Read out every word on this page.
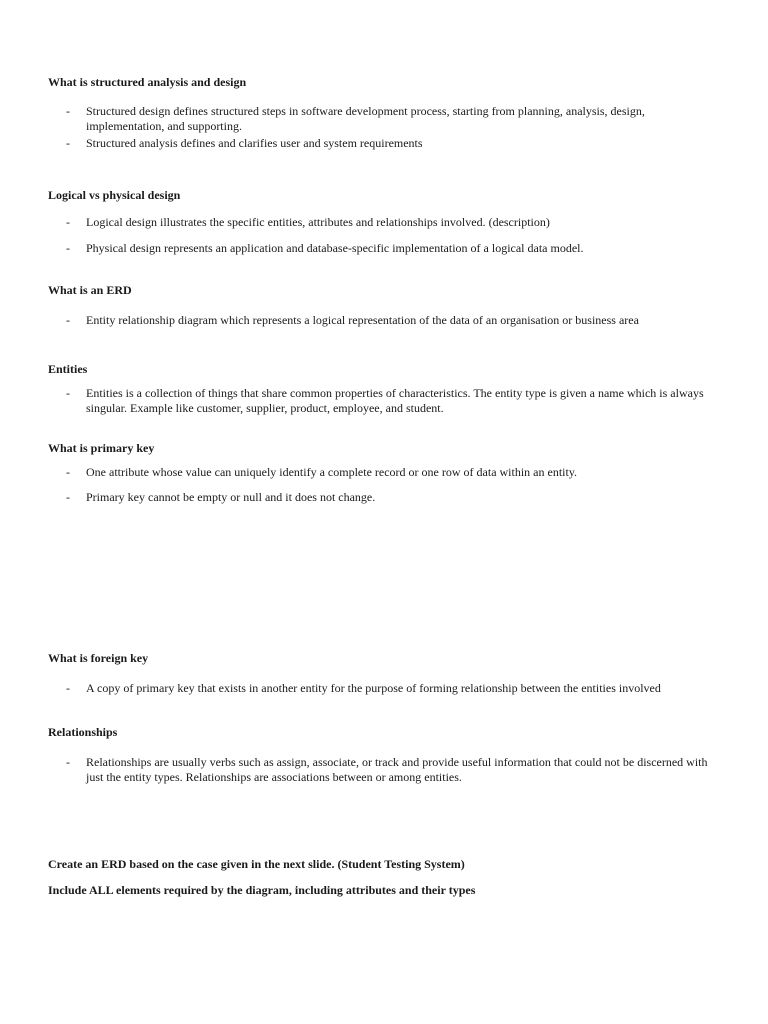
What is structured analysis and design
- Structured design defines structured steps in software development process, starting from planning, analysis, design, implementation, and supporting.
- Structured analysis defines and clarifies user and system requirements
Logical vs physical design
- Logical design illustrates the specific entities, attributes and relationships involved. (description)
- Physical design represents an application and database-specific implementation of a logical data model.
What is an ERD
- Entity relationship diagram which represents a logical representation of the data of an organisation or business area
Entities
- Entities is a collection of things that share common properties of characteristics. The entity type is given a name which is always singular. Example like customer, supplier, product, employee, and student.
What is primary key
- One attribute whose value can uniquely identify a complete record or one row of data within an entity.
- Primary key cannot be empty or null and it does not change.
What is foreign key
- A copy of primary key that exists in another entity for the purpose of forming relationship between the entities involved
Relationships
- Relationships are usually verbs such as assign, associate, or track and provide useful information that could not be discerned with just the entity types. Relationships are associations between or among entities.
Create an ERD based on the case given in the next slide. (Student Testing System)
Include ALL elements required by the diagram, including attributes and their types
